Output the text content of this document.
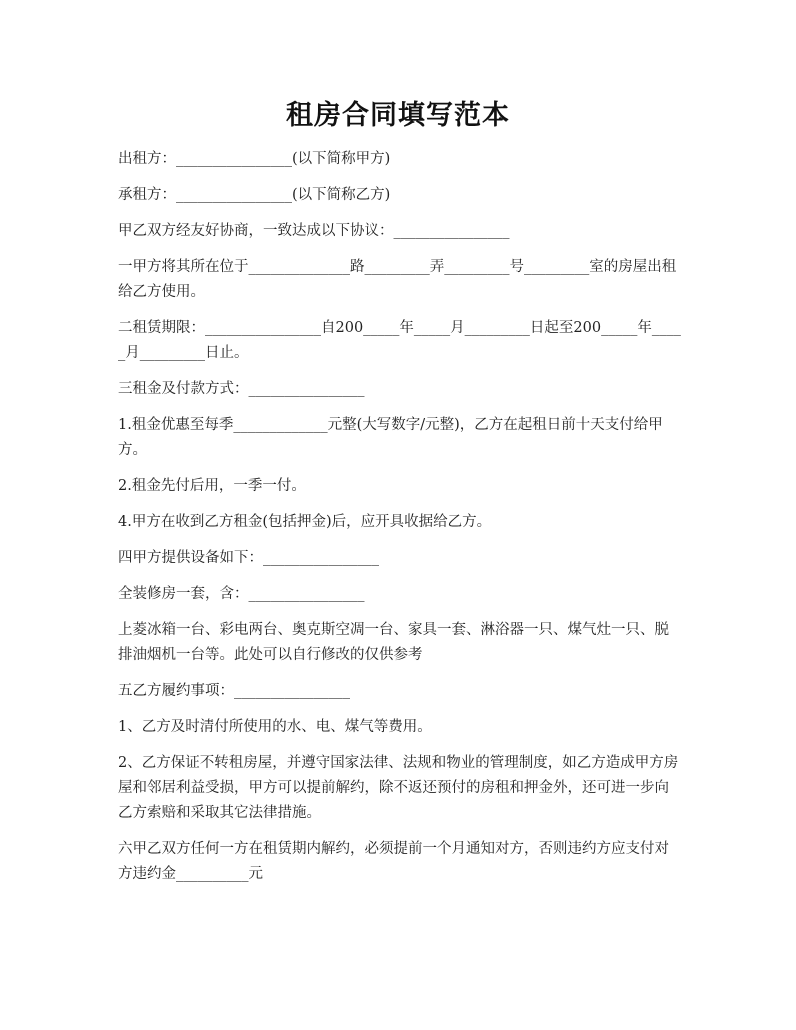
租房合同填写范本

出租方：________________(以下简称甲方)

承租方：________________(以下简称乙方)

甲乙双方经友好协商，一致达成以下协议：________________

一甲方将其所在位于______________路_________弄_________号_________室的房屋出租给乙方使用。

二租赁期限：________________自200_____年_____月_________日起至200_____年_____月_________日止。

三租金及付款方式：________________

1.租金优惠至每季_____________元整(大写数字/元整)，乙方在起租日前十天支付给甲方。

2.租金先付后用，一季一付。

4.甲方在收到乙方租金(包括押金)后，应开具收据给乙方。

四甲方提供设备如下：________________

全装修房一套，含：________________

上菱冰箱一台、彩电两台、奥克斯空凋一台、家具一套、淋浴器一只、煤气灶一只、脱排油烟机一台等。此处可以自行修改的仅供参考

五乙方履约事项：________________

1、乙方及时清付所使用的水、电、煤气等费用。

2、乙方保证不转租房屋，并遵守国家法律、法规和物业的管理制度，如乙方造成甲方房屋和邻居利益受损，甲方可以提前解约，除不返还预付的房租和押金外，还可进一步向乙方索赔和采取其它法律措施。

六甲乙双方任何一方在租赁期内解约，必须提前一个月通知对方，否则违约方应支付对方违约金__________元
